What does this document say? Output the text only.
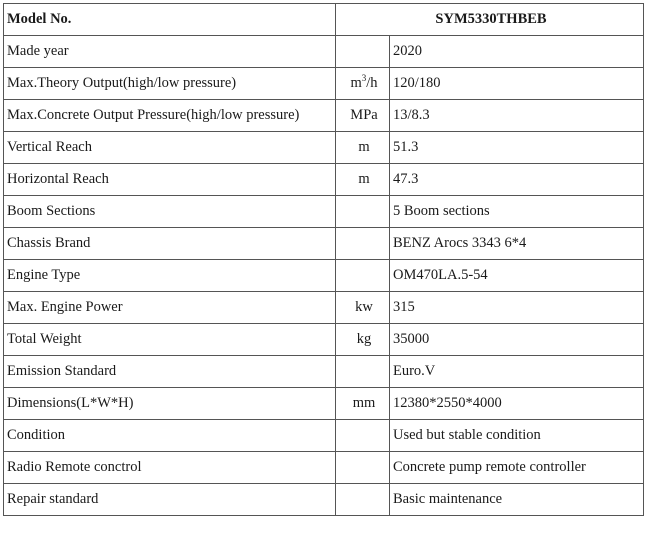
Model No.	SYM5330THBEB	
Made year		2020
Max.Theory Output(high/low pressure)	$m^3/h$	120/180
Max.Concrete Output Pressure(high/low pressure)	MPa	13/8.3
Vertical Reach	m	51.3
Horizontal Reach	m	47.3
Boom Sections		5 Boom sections
Chassis Brand		BENZ Arocs 3343 6*4
Engine Type		OM470LA.5-54
Max. Engine Power	kw	315
Total Weight	kg	35000
Emission Standard		Euro.V
Dimensions(L*W*H)	mm	12380*2550*4000
Condition		Used but stable condition
Radio Remote conctrol		Concrete pump remote controller
Repair standard		Basic maintenance
